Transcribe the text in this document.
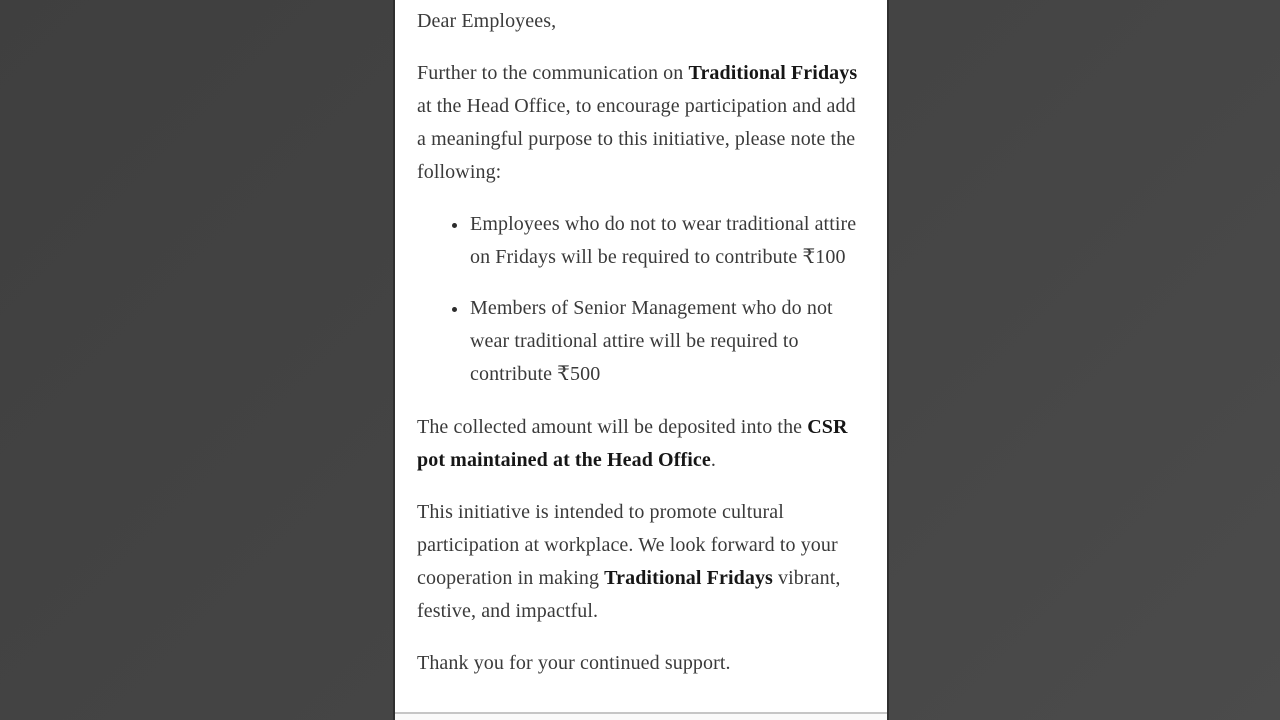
Dear Employees,

Further to the communication on Traditional Fridays at the Head Office, to encourage participation and add a meaningful purpose to this initiative, please note the following:

• Employees who do not to wear traditional attire on Fridays will be required to contribute ₹100
• Members of Senior Management who do not wear traditional attire will be required to contribute ₹500

The collected amount will be deposited into the CSR pot maintained at the Head Office.

This initiative is intended to promote cultural participation at workplace. We look forward to your cooperation in making Traditional Fridays vibrant, festive, and impactful.

Thank you for your continued support.
